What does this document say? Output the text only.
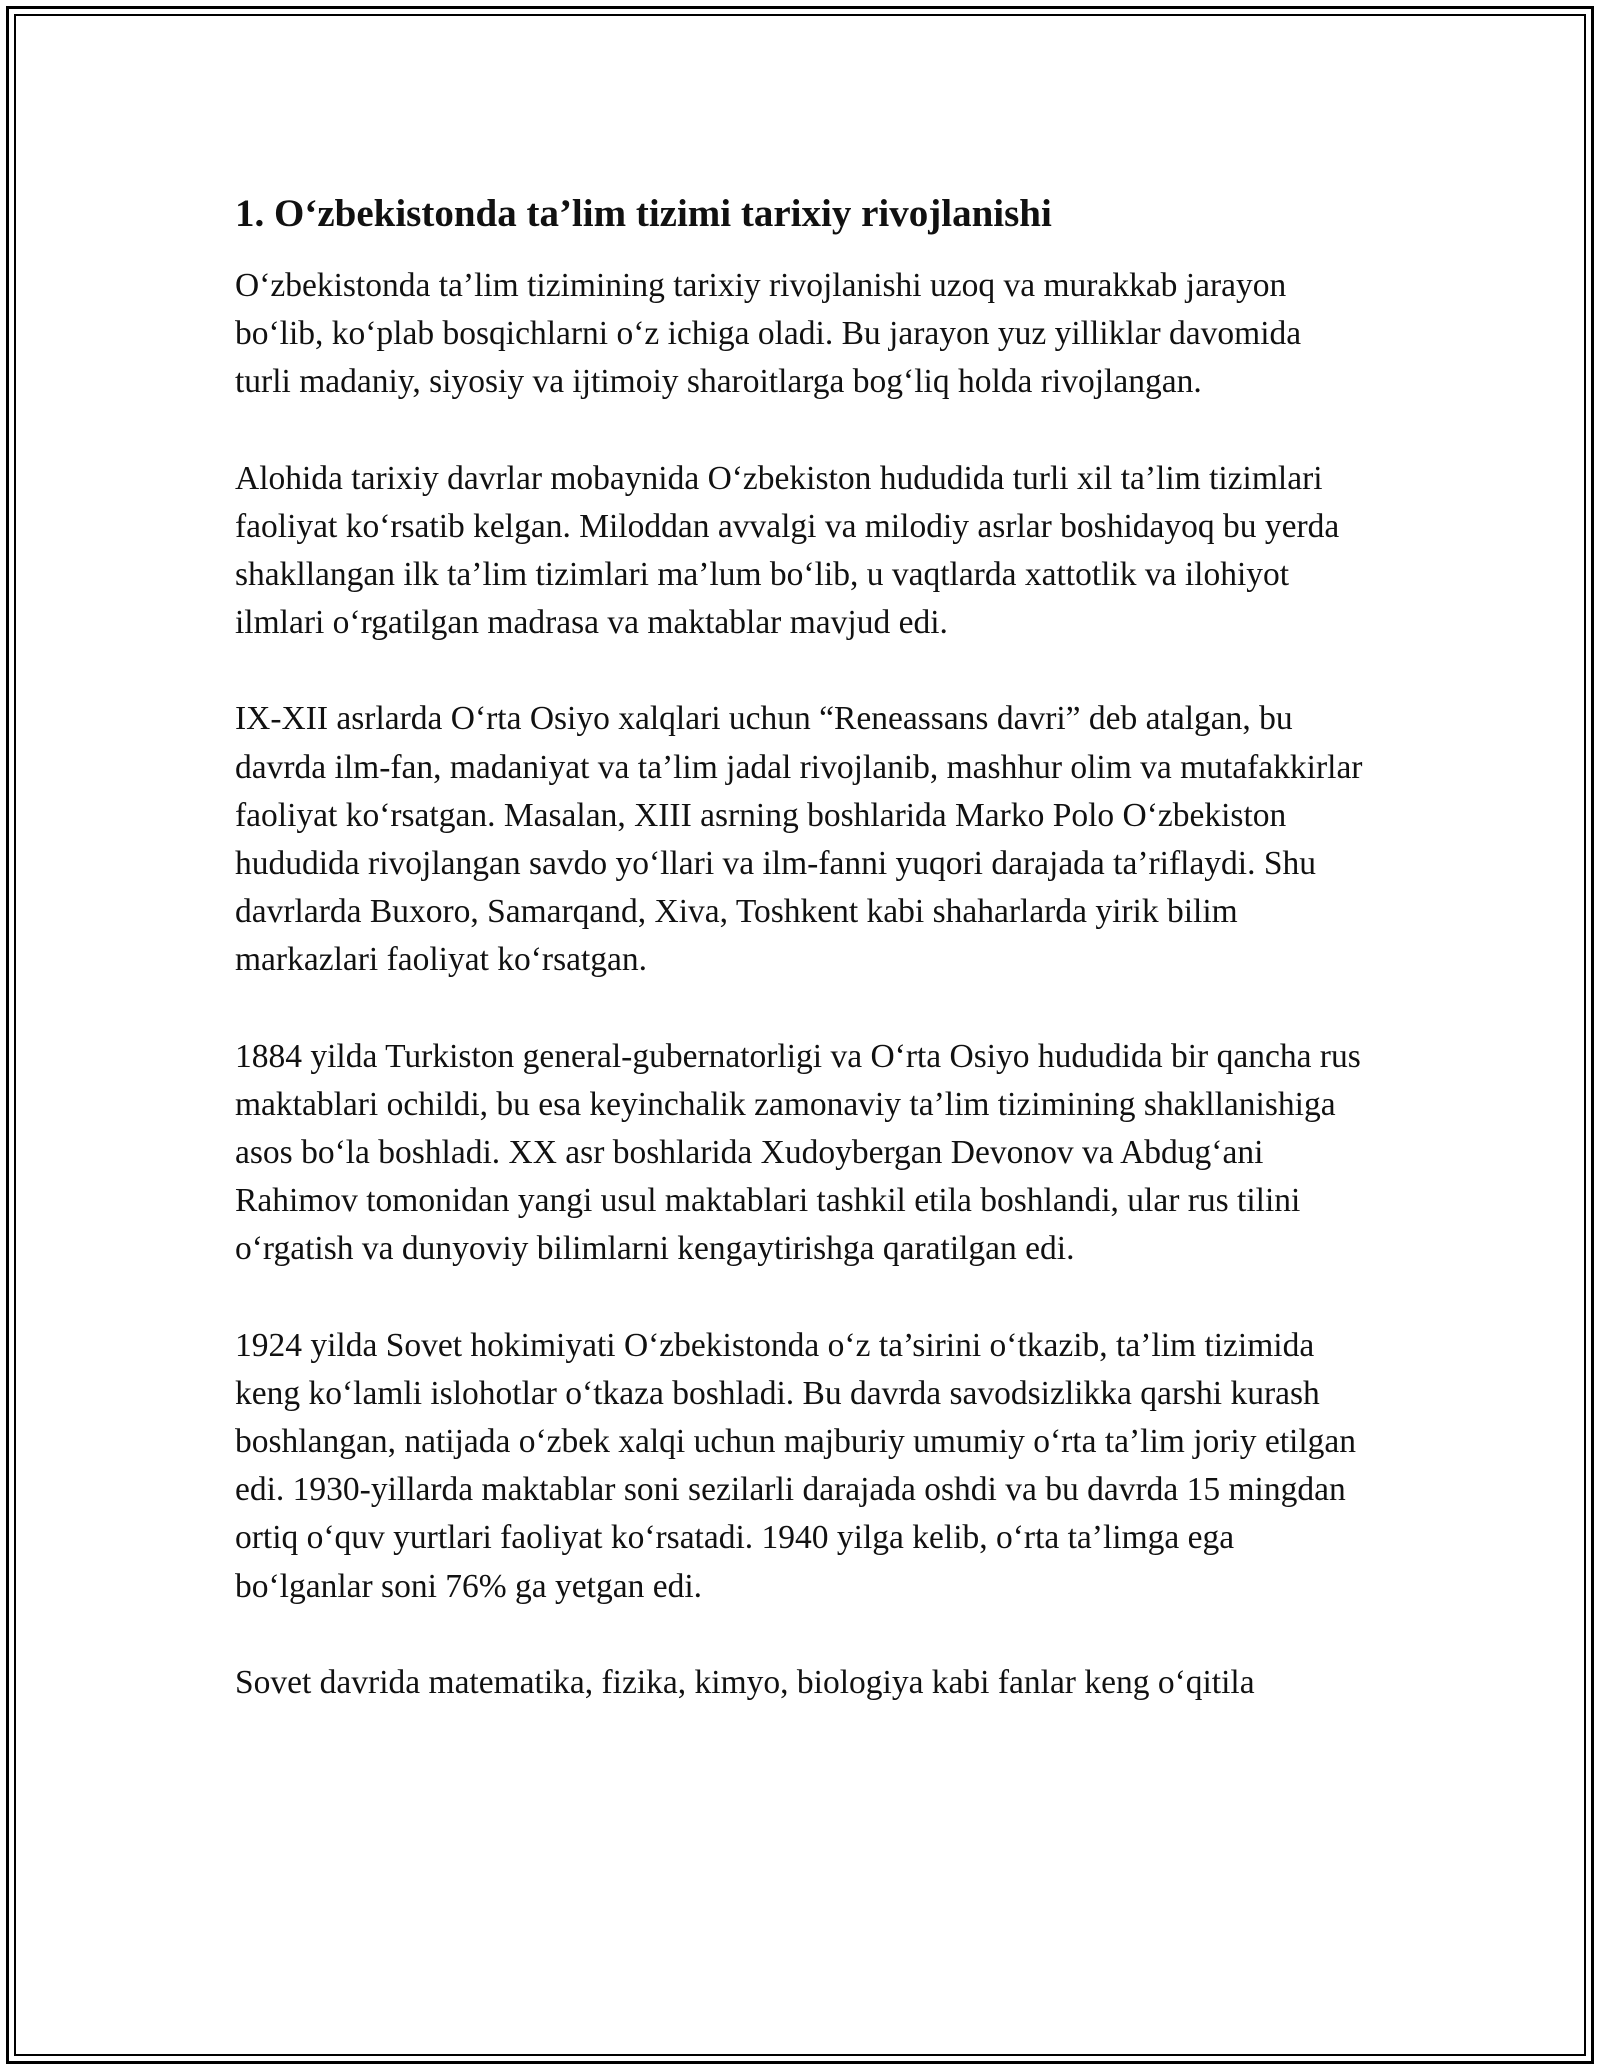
1. O‘zbekistonda ta’lim tizimi tarixiy rivojlanishi

O‘zbekistonda ta’lim tizimining tarixiy rivojlanishi uzoq va murakkab jarayon bo‘lib, ko‘plab bosqichlarni o‘z ichiga oladi. Bu jarayon yuz yilliklar davomida turli madaniy, siyosiy va ijtimoiy sharoitlarga bog‘liq holda rivojlangan.

Alohida tarixiy davrlar mobaynida O‘zbekiston hududida turli xil ta’lim tizimlari faoliyat ko‘rsatib kelgan. Miloddan avvalgi va milodiy asrlar boshidayoq bu yerda shakllangan ilk ta’lim tizimlari ma’lum bo‘lib, u vaqtlarda xattotlik va ilohiyot ilmlari o‘rgatilgan madrasa va maktablar mavjud edi.

IX-XII asrlarda O‘rta Osiyo xalqlari uchun “Reneassans davri” deb atalgan, bu davrda ilm-fan, madaniyat va ta’lim jadal rivojlanib, mashhur olim va mutafakkirlar faoliyat ko‘rsatgan. Masalan, XIII asrning boshlarida Marko Polo O‘zbekiston hududida rivojlangan savdo yo‘llari va ilm-fanni yuqori darajada ta’riflaydi. Shu davrlarda Buxoro, Samarqand, Xiva, Toshkent kabi shaharlarda yirik bilim markazlari faoliyat ko‘rsatgan.

1884 yilda Turkiston general-gubernatorligi va O‘rta Osiyo hududida bir qancha rus maktablari ochildi, bu esa keyinchalik zamonaviy ta’lim tizimining shakllanishiga asos bo‘la boshladi. XX asr boshlarida Xudoybergan Devonov va Abdug‘ani Rahimov tomonidan yangi usul maktablari tashkil etila boshlandi, ular rus tilini o‘rgatish va dunyoviy bilimlarni kengaytirishga qaratilgan edi.

1924 yilda Sovet hokimiyati O‘zbekistonda o‘z ta’sirini o‘tkazib, ta’lim tizimida keng ko‘lamli islohotlar o‘tkaza boshladi. Bu davrda savodsizlikka qarshi kurash boshlangan, natijada o‘zbek xalqi uchun majburiy umumiy o‘rta ta’lim joriy etilgan edi. 1930-yillarda maktablar soni sezilarli darajada oshdi va bu davrda 15 mingdan ortiq o‘quv yurtlari faoliyat ko‘rsatadi. 1940 yilga kelib, o‘rta ta’limga ega bo‘lganlar soni 76% ga yetgan edi.

Sovet davrida matematika, fizika, kimyo, biologiya kabi fanlar keng o‘qitila
